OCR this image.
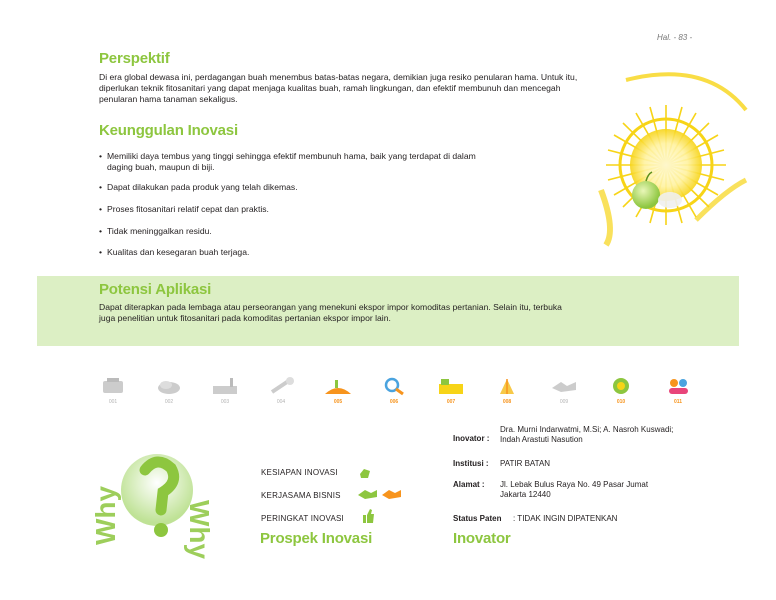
Hal. - 83 -
Perspektif
Di era global dewasa ini, perdagangan buah menembus batas-batas negara, demikian juga resiko penularan hama. Untuk itu, diperlukan teknik fitosanitari yang dapat menjaga kualitas buah, ramah lingkungan, dan efektif membunuh dan mencegah penularan hama tanaman sekaligus.
Keunggulan Inovasi
• Memiliki daya tembus yang tinggi sehingga efektif membunuh hama, baik yang terdapat di dalam
daging buah, maupun di biji.
• Dapat dilakukan pada produk yang telah dikemas.
• Proses fitosanitari relatif cepat dan praktis.
• Tidak meninggalkan residu.
• Kualitas dan kesegaran buah terjaga.
Potensi Aplikasi
Dapat diterapkan pada lembaga atau perseorangan yang menekuni ekspor impor komoditas pertanian. Selain itu, terbuka juga penelitian untuk fitosanitari pada komoditas pertanian ekspor impor lain.
001	002	003	004	005	006	007	008	009	010	011
Why Why
KESIAPAN INOVASI
KERJASAMA BISNIS
PERINGKAT INOVASI
Prospek Inovasi
Inovator :
Dra. Murni Indarwatmi, M.Si; A. Nasroh Kuswadi;
Indah Arastuti Nasution
Institusi : PATIR BATAN
Alamat : Jl. Lebak Bulus Raya No. 49 Pasar Jumat
Jakarta 12440
Status Paten : TIDAK INGIN DIPATENKAN
Inovator
